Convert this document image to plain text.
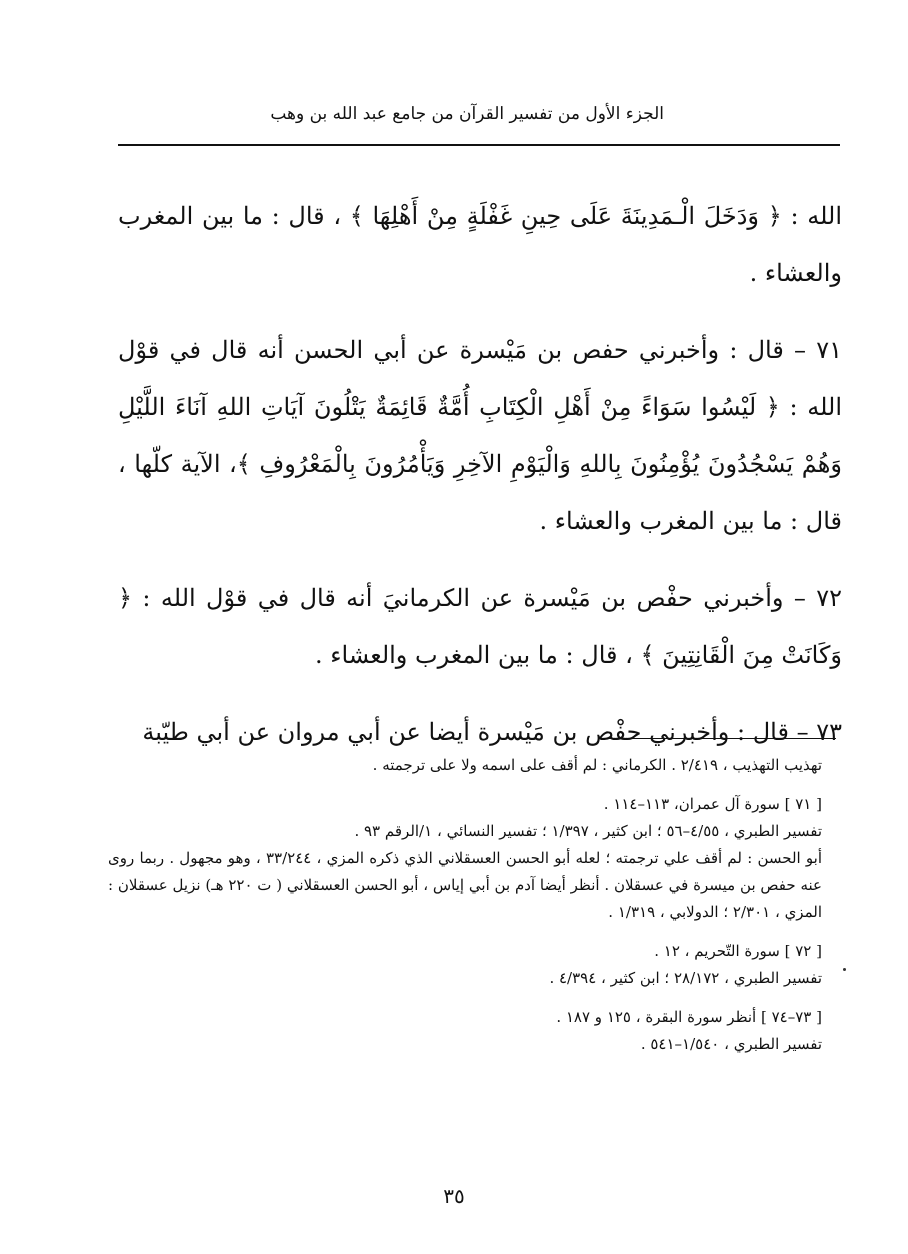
الجزء الأول من تفسير القرآن من جامع عبد الله بن وهب

الله : ﴿ وَدَخَلَ الْـمَدِينَةَ عَلَى حِينِ غَفْلَةٍ مِنْ أَهْلِهَا ﴾ ، قال : ما بين المغرب والعشاء .

٧١ – قال : وأخبرني حفص بن مَيْسرة عن أبي الحسن أنه قال في قوْل الله : ﴿ لَيْسُوا سَوَاءً مِنْ أَهْلِ الْكِتَابِ أُمَّةٌ قَائِمَةٌ يَتْلُونَ آيَاتِ اللهِ آنَاءَ اللَّيْلِ وَهُمْ يَسْجُدُونَ يُؤْمِنُونَ بِاللهِ وَالْيَوْمِ الآخِرِ وَيَأْمُرُونَ بِالْمَعْرُوفِ ﴾، الآية كلّها ، قال : ما بين المغرب والعشاء .

٧٢ – وأخبرني حفْص بن مَيْسرة عن الكرمانيَ أنه قال في قوْل الله : ﴿ وَكَانَتْ مِنَ الْقَانِتِينَ ﴾ ، قال : ما بين المغرب والعشاء .

٧٣ – قال : وأخبرني حفْص بن مَيْسرة أيضا عن أبي مروان عن أبي طيّبة

تهذيب التهذيب ، ٢/٤١٩ . الكرماني : لم أقف على اسمه ولا على ترجمته .

[ ٧١ ] سورة آل عمران، ١١٣–١١٤ .

تفسير الطبري ، ٤/٥٥–٥٦ ؛ ابن كثير ، ١/٣٩٧ ؛ تفسير النسائي ، ١/الرقم ٩٣ .

أبو الحسن : لم أقف علي ترجمته ؛ لعله أبو الحسن العسقلاني الذي ذكره المزي ، ٣٣/٢٤٤ ، وهو مجهول . ربما روى عنه حفص بن ميسرة في عسقلان . أنظر أيضا آدم بن أبي إياس ، أبو الحسن العسقلاني ( ت ٢٢٠ هـ) نزيل عسقلان : المزي ، ٢/٣٠١ ؛ الدولابي ، ١/٣١٩ .

[ ٧٢ ] سورة التّحريم ، ١٢ .

تفسير الطبري ، ٢٨/١٧٢ ؛ ابن كثير ، ٤/٣٩٤ .

[ ٧٣–٧٤ ] أنظر سورة البقرة ، ١٢٥ و ١٨٧ .

تفسير الطبري ، ١/٥٤٠–٥٤١ .

٣٥
